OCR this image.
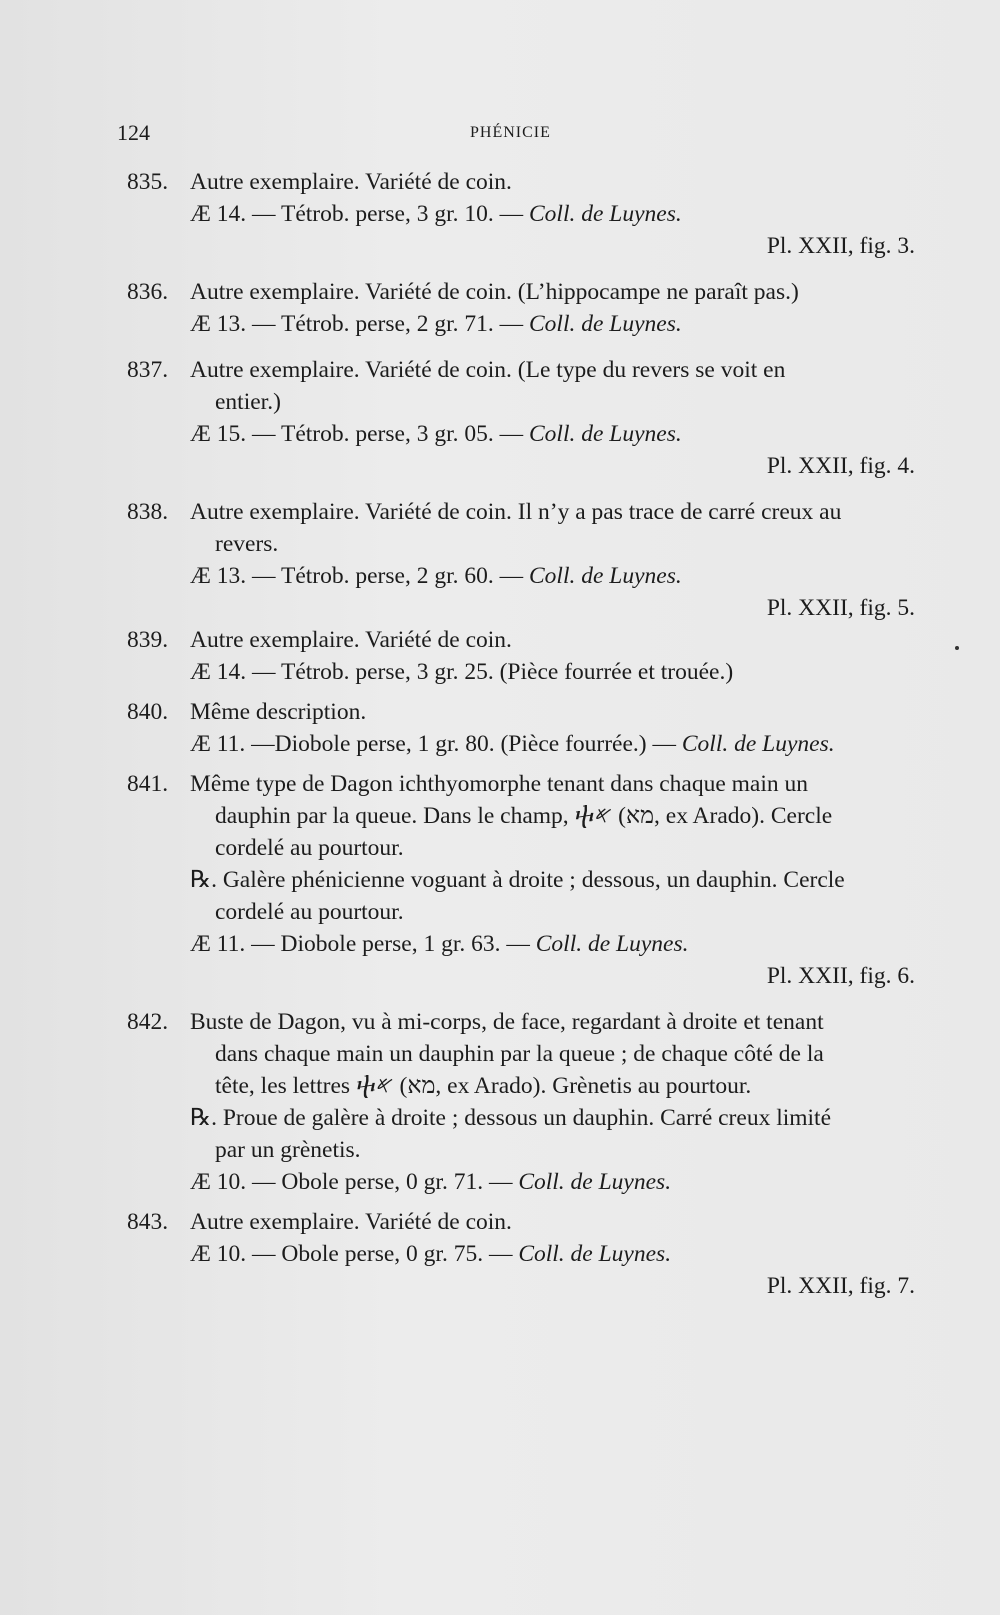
124	PHÉNICIE
835. Autre exemplaire. Variété de coin.
Æ 14. — Tétrob. perse, 3 gr. 10. — Coll. de Luynes.
Pl. XXII, fig. 3.
836. Autre exemplaire. Variété de coin. (L’hippocampe ne paraît pas.)
Æ 13. — Tétrob. perse, 2 gr. 71. — Coll. de Luynes.
837. Autre exemplaire. Variété de coin. (Le type du revers se voit en
entier.)
Æ 15. — Tétrob. perse, 3 gr. 05. — Coll. de Luynes.
Pl. XXII, fig. 4.
838. Autre exemplaire. Variété de coin. Il n’y a pas trace de carré creux au
revers.
Æ 13. — Tétrob. perse, 2 gr. 60. — Coll. de Luynes.
Pl. XXII, fig. 5.
839. Autre exemplaire. Variété de coin.
Æ 14. — Tétrob. perse, 3 gr. 25. (Pièce fourrée et trouée.)
840. Même description.
Æ 11. —Diobole perse, 1 gr. 80. (Pièce fourrée.) — Coll. de Luynes.
841. Même type de Dagon ichthyomorphe tenant dans chaque main un
dauphin par la queue. Dans le champ, ⴕ𐤀 (מא, ex Arado). Cercle
cordelé au pourtour.
℞. Galère phénicienne voguant à droite ; dessous, un dauphin. Cercle
cordelé au pourtour.
Æ 11. — Diobole perse, 1 gr. 63. — Coll. de Luynes.
Pl. XXII, fig. 6.
842. Buste de Dagon, vu à mi-corps, de face, regardant à droite et tenant
dans chaque main un dauphin par la queue ; de chaque côté de la
tête, les lettres ⴕ𐤀 (מא, ex Arado). Grènetis au pourtour.
℞. Proue de galère à droite ; dessous un dauphin. Carré creux limité
par un grènetis.
Æ 10. — Obole perse, 0 gr. 71. — Coll. de Luynes.
843. Autre exemplaire. Variété de coin.
Æ 10. — Obole perse, 0 gr. 75. — Coll. de Luynes.
Pl. XXII, fig. 7.
